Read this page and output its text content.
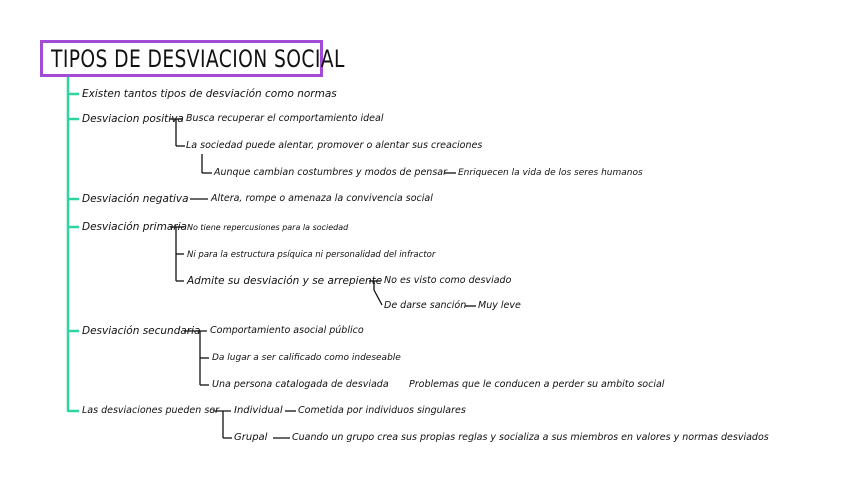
TIPOS DE DESVIACION SOCIAL
Existen tantos tipos de desviación como normas
Desviacion positiva Busca recuperar el comportamiento ideal
La sociedad puede alentar, promover o alentar sus creaciones
Aunque cambian costumbres y modos de pensar Enriquecen la vida de los seres humanos
Desviación negativa Altera, rompe o amenaza la convivencia social
Desviación primaria No tiene repercusiones para la sociedad
Ni para la estructura psíquica ni personalidad del infractor
Admite su desviación y se arrepiente No es visto como desviado
De darse sanción Muy leve
Desviación secundaria Comportamiento asocial público
Da lugar a ser calificado como indeseable
Una persona catalogada de desviada Problemas que le conducen a perder su ambito social
Las desviaciones pueden ser Individual Cometida por individuos singulares
Grupal	Cuando un grupo crea sus propias reglas y socializa a sus miembros en valores y normas desviados
